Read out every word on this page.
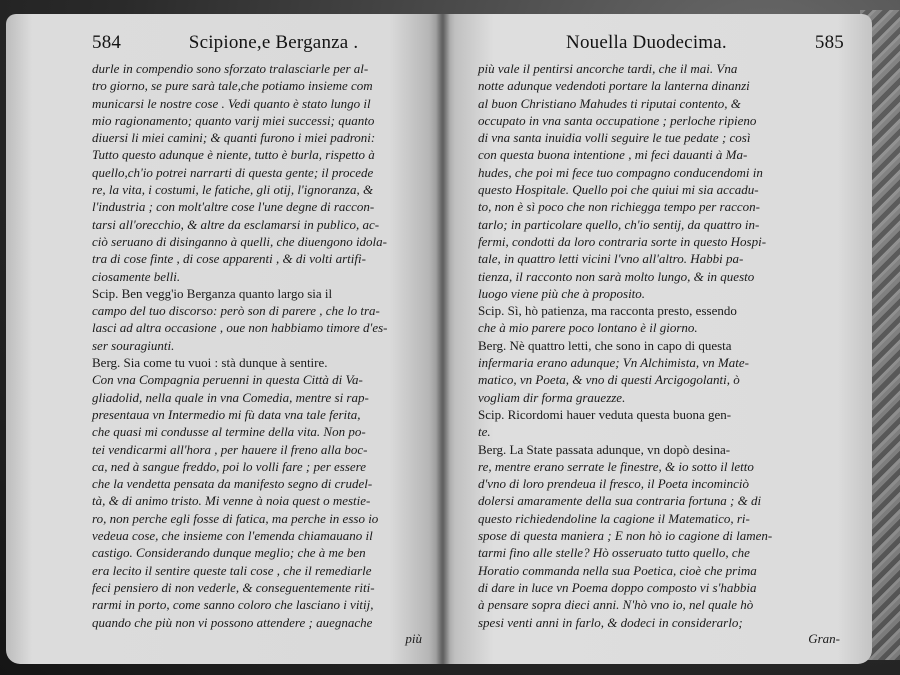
584	Scipione,e Berganza .
durle in compendio sono sforzato tralasciarle per al-
tro giorno, se pure sarà tale,che potiamo insieme com
municarsi le nostre cose . Vedi quanto è stato lungo il
mio ragionamento; quanto varij miei successi; quanto
diuersi li miei camini; & quanti furono i miei padroni:
Tutto questo adunque è niente, tutto è burla, rispetto à
quello,ch'io potrei narrarti di questa gente; il procede
re, la vita, i costumi, le fatiche, gli otij, l'ignoranza, &
l'industria ; con molt'altre cose l'une degne di raccon-
tarsi all'orecchio, & altre da esclamarsi in publico, ac-
ciò seruano di disinganno à quelli, che diuengono idola-
tra di cose finte , di cose apparenti , & di volti artifi-
ciosamente belli.
Scip. Ben vegg'io Berganza quanto largo sia il
campo del tuo discorso: però son di parere , che lo tra-
lasci ad altra occasione , oue non habbiamo timore d'es-
ser souragiunti.
Berg. Sia come tu vuoi : stà dunque à sentire.
Con vna Compagnia peruenni in questa Città di Va-
gliadolid, nella quale in vna Comedia, mentre si rap-
presentaua vn Intermedio mi fù data vna tale ferita,
che quasi mi condusse al termine della vita. Non po-
tei vendicarmi all'hora , per hauere il freno alla boc-
ca, ned à sangue freddo, poi lo volli fare ; per essere
che la vendetta pensata da manifesto segno di crudel-
tà, & di animo tristo. Mi venne à noia quest o mestie-
ro, non perche egli fosse di fatica, ma perche in esso io
vedeua cose, che insieme con l'emenda chiamauano il
castigo. Considerando dunque meglio; che à me ben
era lecito il sentire queste tali cose , che il remediarle
feci pensiero di non vederle, & conseguentemente riti-
rarmi in porto, come sanno coloro che lasciano i vitij,
quando che più non vi possono attendere ; auegnache
più
Nouella Duodecima.	585
più vale il pentirsi ancorche tardi, che il mai. Vna
notte adunque vedendoti portare la lanterna dinanzi
al buon Christiano Mahudes ti riputai contento, &
occupato in vna santa occupatione ; perloche ripieno
di vna santa inuidia volli seguire le tue pedate ; così
con questa buona intentione , mi feci dauanti à Ma-
hudes, che poi mi fece tuo compagno conducendomi in
questo Hospitale. Quello poi che quiui mi sia accadu-
to, non è sì poco che non richiegga tempo per raccon-
tarlo; in particolare quello, ch'io sentij, da quattro in-
fermi, condotti da loro contraria sorte in questo Hospi-
tale, in quattro letti vicini l'vno all'altro. Habbi pa-
tienza, il racconto non sarà molto lungo, & in questo
luogo viene più che à proposito.
Scip. Sì, hò patienza, ma racconta presto, essendo
che à mio parere poco lontano è il giorno.
Berg. Nè quattro letti, che sono in capo di questa
infermaria erano adunque; Vn Alchimista, vn Mate-
matico, vn Poeta, & vno di questi Arcigogolanti, ò
vogliam dir forma grauezze.
Scip. Ricordomi hauer veduta questa buona gen-
te.
Berg. La State passata adunque, vn dopò desina-
re, mentre erano serrate le finestre, & io sotto il letto
d'vno di loro prendeua il fresco, il Poeta incominciò
dolersi amaramente della sua contraria fortuna ; & di
questo richiedendoline la cagione il Matematico, ri-
spose di questa maniera ; E non hò io cagione di lamen-
tarmi fino alle stelle? Hò osseruato tutto quello, che
Horatio commanda nella sua Poetica, cioè che prima
di dare in luce vn Poema doppo composto vi s'habbia
à pensare sopra dieci anni. N'hò vno io, nel quale hò
spesi venti anni in farlo, & dodeci in considerarlo;
Gran-
